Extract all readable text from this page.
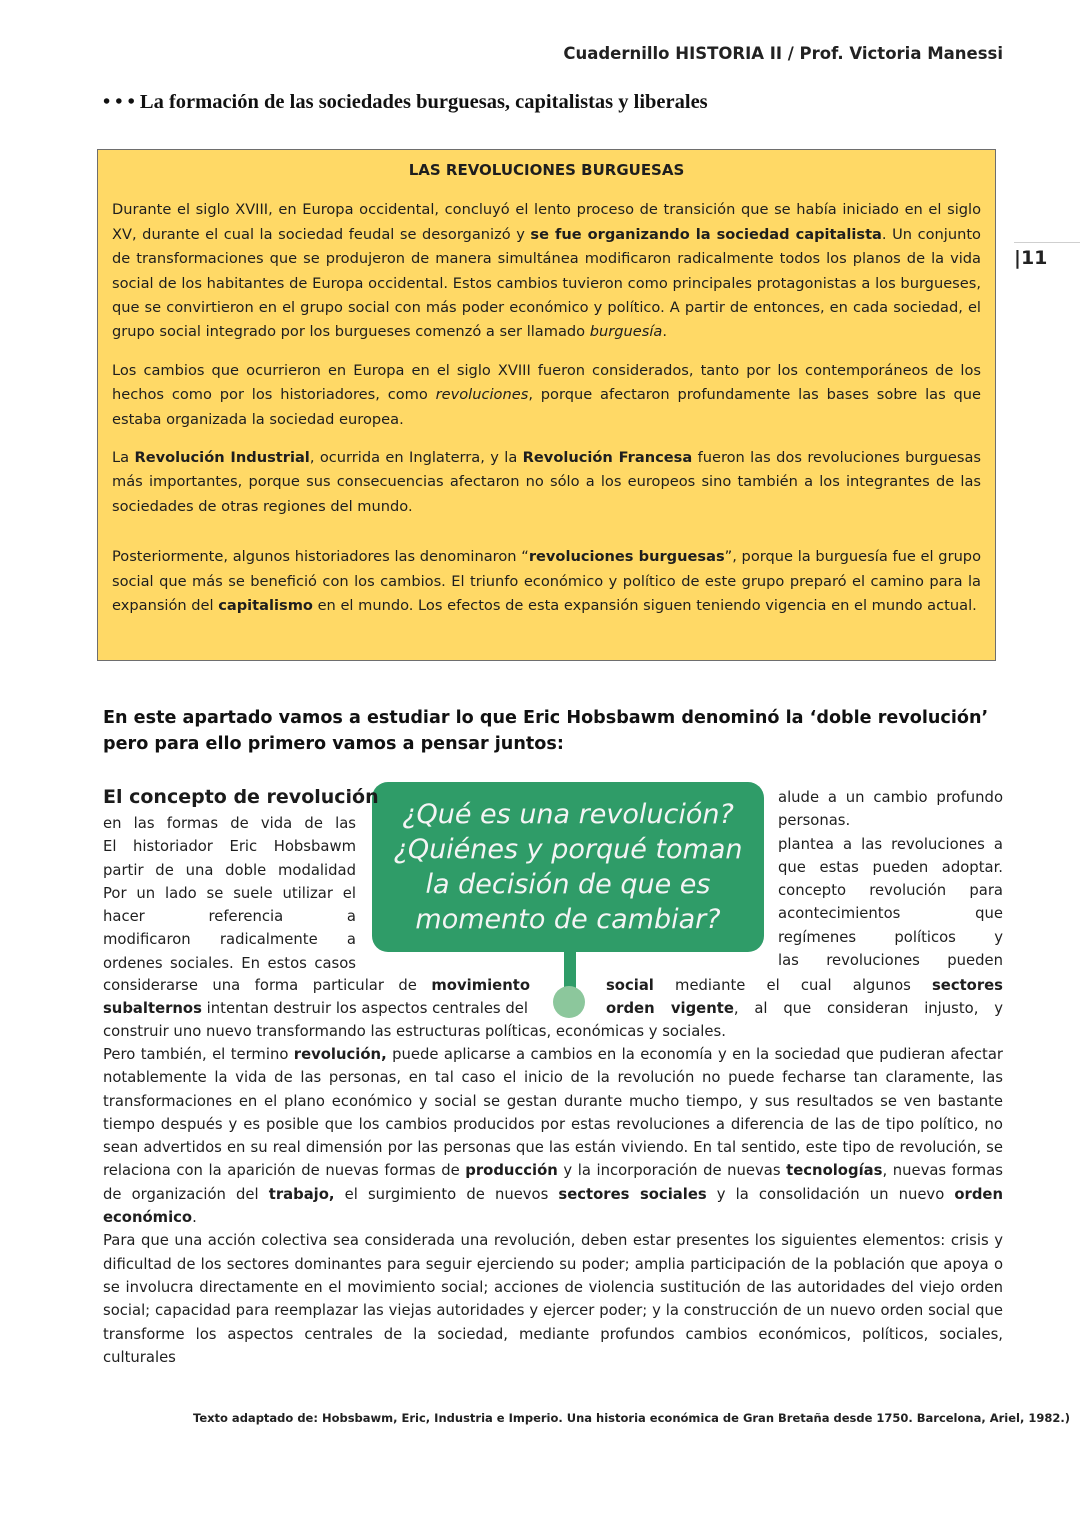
Cuadernillo HISTORIA II / Prof. Victoria Manessi
|11
• • • La formación de las sociedades burguesas, capitalistas y liberales
LAS REVOLUCIONES BURGUESAS

Durante el siglo XVIII, en Europa occidental, concluyó el lento proceso de transición que se había iniciado en el siglo XV, durante el cual la sociedad feudal se desorganizó y se fue organizando la sociedad capitalista. Un conjunto de transformaciones que se produjeron de manera simultánea modificaron radicalmente todos los planos de la vida social de los habitantes de Europa occidental. Estos cambios tuvieron como principales protagonistas a los burgueses, que se convirtieron en el grupo social con más poder económico y político. A partir de entonces, en cada sociedad, el grupo social integrado por los burgueses comenzó a ser llamado burguesía.

Los cambios que ocurrieron en Europa en el siglo XVIII fueron considerados, tanto por los contemporáneos de los hechos como por los historiadores, como revoluciones, porque afectaron profundamente las bases sobre las que estaba organizada la sociedad europea.

La Revolución Industrial, ocurrida en Inglaterra, y la Revolución Francesa fueron las dos revoluciones burguesas más importantes, porque sus consecuencias afectaron no sólo a los europeos sino también a los integrantes de las sociedades de otras regiones del mundo.

Posteriormente, algunos historiadores las denominaron “revoluciones burguesas”, porque la burguesía fue el grupo social que más se benefició con los cambios. El triunfo económico y político de este grupo preparó el camino para la expansión del capitalismo en el mundo. Los efectos de esta expansión siguen teniendo vigencia en el mundo actual.

En este apartado vamos a estudiar lo que Eric Hobsbawm denominó la ‘doble revolución’ pero para ello primero vamos a pensar juntos:
¿Qué es una revolución?
¿Quiénes y porqué toman
la decisión de que es
momento de cambiar?
El concepto de revolución
en las formas de vida de las
El historiador Eric Hobsbawm
partir de una doble modalidad
Por un lado se suele utilizar el
hacer referencia a
modificaron radicalmente a
ordenes sociales. En estos casos
alude a un cambio profundo
personas.
plantea a las revoluciones a
que estas pueden adoptar.
concepto revolución para
acontecimientos que
regímenes políticos y
las revoluciones pueden
considerarse una forma particular de movimiento	social mediante el cual algunos sectores
subalternos intentan destruir los aspectos centrales del	orden vigente, al que consideran injusto, y
construir uno nuevo transformando las estructuras políticas, económicas y sociales.

Pero también, el termino revolución, puede aplicarse a cambios en la economía y en la sociedad que pudieran afectar notablemente la vida de las personas, en tal caso el inicio de la revolución no puede fecharse tan claramente, las transformaciones en el plano económico y social se gestan durante mucho tiempo, y sus resultados se ven bastante tiempo después y es posible que los cambios producidos por estas revoluciones a diferencia de las de tipo político, no sean advertidos en su real dimensión por las personas que las están viviendo. En tal sentido, este tipo de revolución, se relaciona con la aparición de nuevas formas de producción y la incorporación de nuevas tecnologías, nuevas formas de organización del trabajo, el surgimiento de nuevos sectores sociales y la consolidación un nuevo orden económico.

Para que una acción colectiva sea considerada una revolución, deben estar presentes los siguientes elementos: crisis y dificultad de los sectores dominantes para seguir ejerciendo su poder; amplia participación de la población que apoya o se involucra directamente en el movimiento social; acciones de violencia sustitución de las autoridades del viejo orden social; capacidad para reemplazar las viejas autoridades y ejercer poder; y la construcción de un nuevo orden social que transforme los aspectos centrales de la sociedad, mediante profundos cambios económicos, políticos, sociales, culturales

Texto adaptado de: Hobsbawm, Eric, Industria e Imperio. Una historia económica de Gran Bretaña desde 1750. Barcelona, Ariel, 1982.)
